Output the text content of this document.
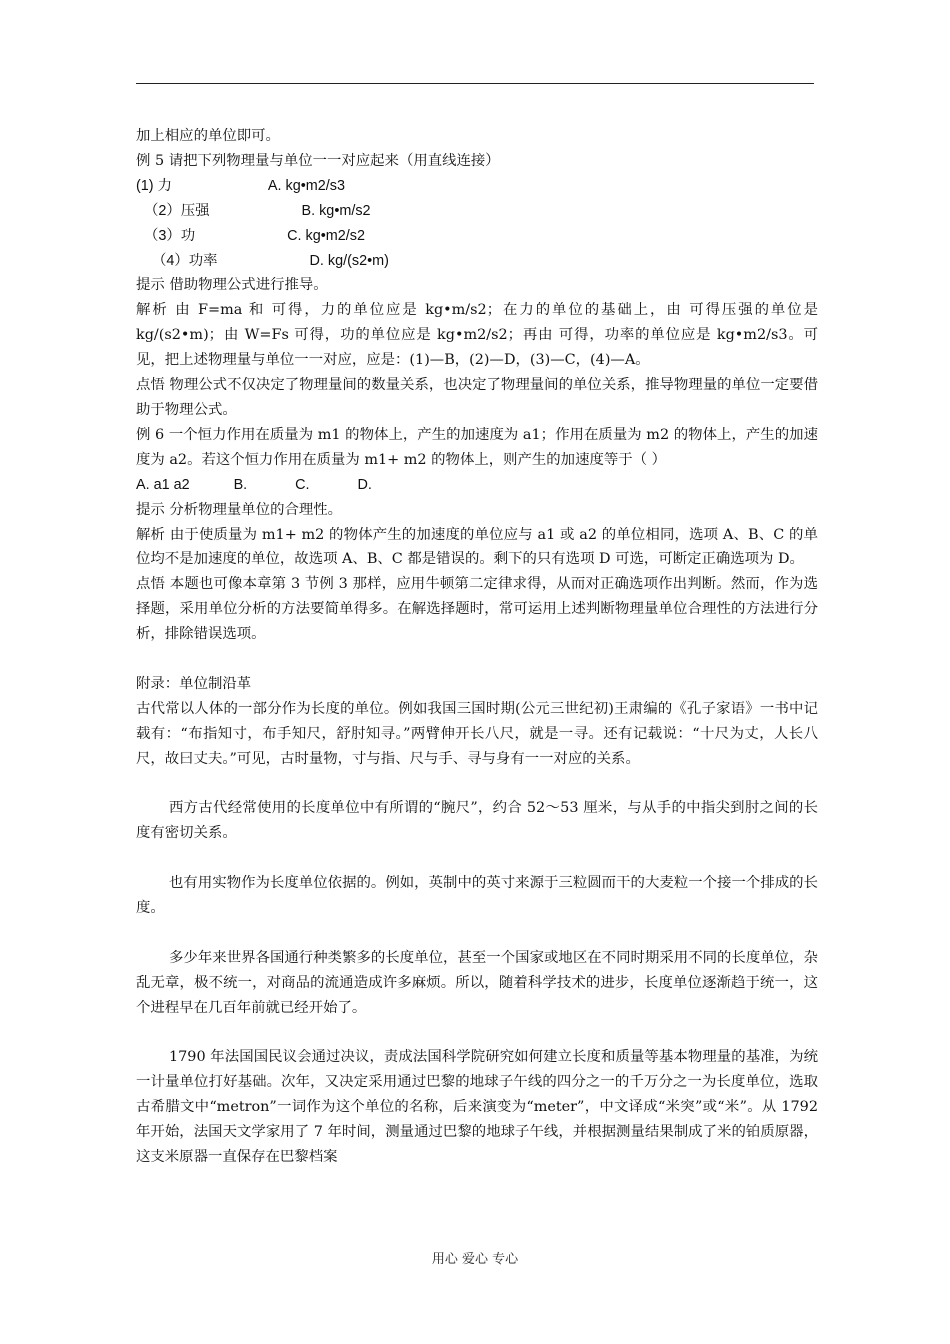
加上相应的单位即可。

例 5 请把下列物理量与单位一一对应起来（用直线连接）

(1) 力                        A. kg•m2/s3

（2）压强                       B. kg•m/s2

（3）功                       C. kg•m2/s2

（4）功率                       D. kg/(s2•m)

提示 借助物理公式进行推导。

解析 由 F=ma 和 可得，力的单位应是 kg•m/s2；在力的单位的基础上，由 可得压强的单位是 kg/(s2•m)；由 W=Fs 可得，功的单位应是 kg•m2/s2；再由 可得，功率的单位应是 kg•m2/s3。可见，把上述物理量与单位一一对应，应是：(1)—B，(2)—D，(3)—C，(4)—A。

点悟 物理公式不仅决定了物理量间的数量关系，也决定了物理量间的单位关系，推导物理量的单位一定要借助于物理公式。

例 6 一个恒力作用在质量为 m1 的物体上，产生的加速度为 a1；作用在质量为 m2 的物体上，产生的加速度为 a2。若这个恒力作用在质量为 m1+ m2 的物体上，则产生的加速度等于（ ）

A. a1 a2           B.            C.            D.

提示 分析物理量单位的合理性。

解析 由于使质量为 m1+ m2 的物体产生的加速度的单位应与 a1 或 a2 的单位相同，选项 A、B、C 的单位均不是加速度的单位，故选项 A、B、C 都是错误的。剩下的只有选项 D 可选，可断定正确选项为 D。

点悟 本题也可像本章第 3 节例 3 那样，应用牛顿第二定律求得，从而对正确选项作出判断。然而，作为选择题，采用单位分析的方法要简单得多。在解选择题时，常可运用上述判断物理量单位合理性的方法进行分析，排除错误选项。

附录：单位制沿革

古代常以人体的一部分作为长度的单位。例如我国三国时期(公元三世纪初)王肃编的《孔子家语》一书中记载有：“布指知寸，布手知尺，舒肘知寻。”两臂伸开长八尺，就是一寻。还有记载说：“十尺为丈，人长八尺，故曰丈夫。”可见，古时量物，寸与指、尺与手、寻与身有一一对应的关系。

西方古代经常使用的长度单位中有所谓的“腕尺”，约合 52～53 厘米，与从手的中指尖到肘之间的长度有密切关系。

也有用实物作为长度单位依据的。例如，英制中的英寸来源于三粒圆而干的大麦粒一个接一个排成的长度。

多少年来世界各国通行种类繁多的长度单位，甚至一个国家或地区在不同时期采用不同的长度单位，杂乱无章，极不统一，对商品的流通造成许多麻烦。所以，随着科学技术的进步，长度单位逐渐趋于统一，这个进程早在几百年前就已经开始了。

1790 年法国国民议会通过决议，责成法国科学院研究如何建立长度和质量等基本物理量的基准，为统一计量单位打好基础。次年，又决定采用通过巴黎的地球子午线的四分之一的千万分之一为长度单位，选取古希腊文中“metron”一词作为这个单位的名称，后来演变为“meter”，中文译成“米突”或“米”。从 1792 年开始，法国天文学家用了 7 年时间，测量通过巴黎的地球子午线，并根据测量结果制成了米的铂质原器，这支米原器一直保存在巴黎档案

用心 爱心 专心
